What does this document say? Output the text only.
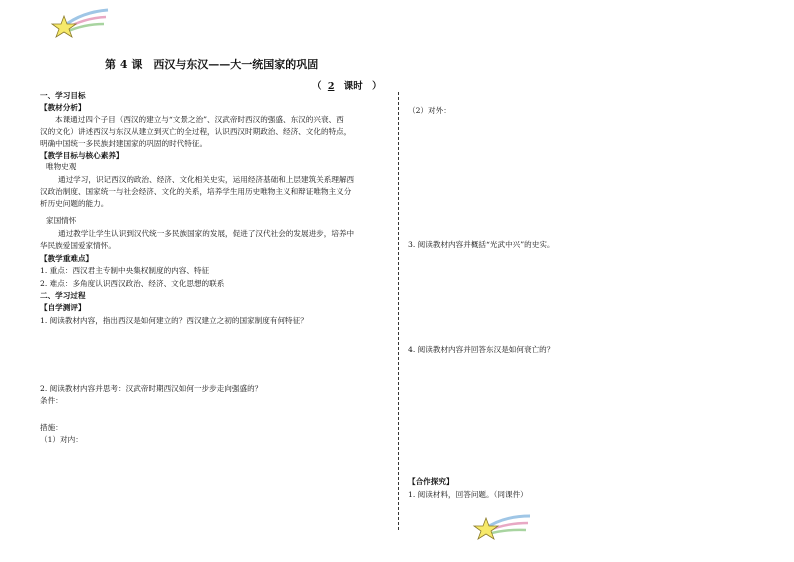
第 4 课　西汉与东汉——大一统国家的巩固
（ 2 课时 ）
一、学习目标
【教材分析】
本课通过四个子目（西汉的建立与“文景之治”、汉武帝时西汉的强盛、东汉的兴衰、西
汉的文化）讲述西汉与东汉从建立到灭亡的全过程，认识西汉时期政治、经济、文化的特点，
明确中国统一多民族封建国家的巩固的时代特征。
【教学目标与核心素养】
唯物史观
通过学习，识记西汉的政治、经济、文化相关史实，运用经济基础和上层建筑关系理解西
汉政治制度、国家统一与社会经济、文化的关系，培养学生用历史唯物主义和辩证唯物主义分
析历史问题的能力。
家国情怀
通过教学让学生认识到汉代统一多民族国家的发展，促进了汉代社会的发展进步，培养中
华民族爱国爱家情怀。
【教学重难点】
1. 重点：西汉君主专制中央集权制度的内容、特征
2. 难点：多角度认识西汉政治、经济、文化思想的联系
二、学习过程
【自学测评】
1. 阅读教材内容，指出西汉是如何建立的？西汉建立之初的国家制度有何特征？
2. 阅读教材内容并思考：汉武帝时期西汉如何一步步走向强盛的？
条件：
措施：
（1）对内：
（2）对外：
3. 阅读教材内容并概括“光武中兴”的史实。
4. 阅读教材内容并回答东汉是如何衰亡的？
【合作探究】
1. 阅读材料，回答问题。（同课件）
